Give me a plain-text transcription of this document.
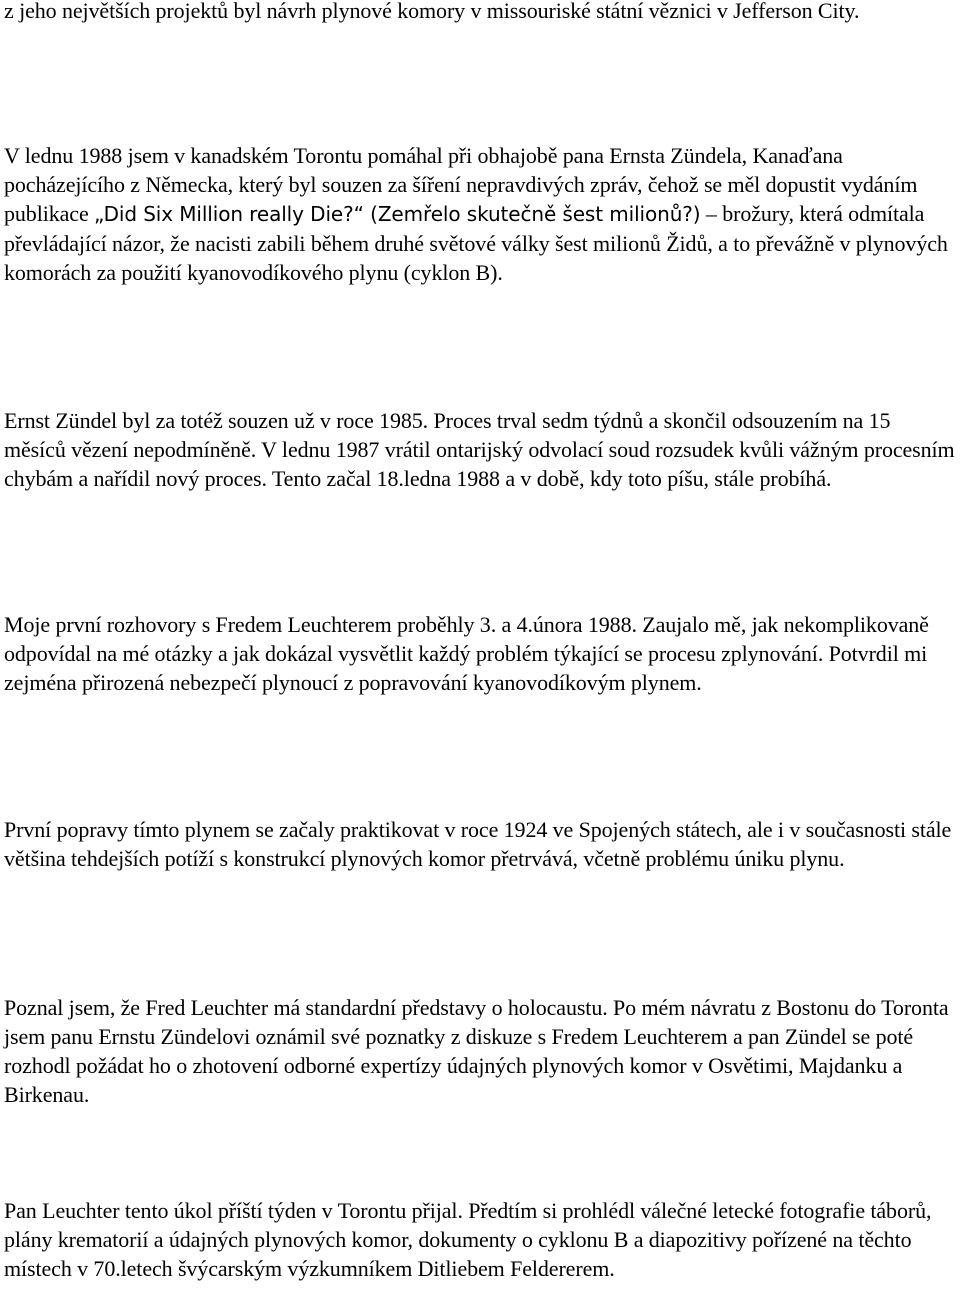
z jeho největších projektů byl návrh plynové komory v missouriské státní věznici v Jefferson City.

V lednu 1988 jsem v kanadském Torontu pomáhal při obhajobě pana Ernsta Zündela, Kanaďana pocházejícího z Německa, který byl souzen za šíření nepravdivých zpráv, čehož se měl dopustit vydáním publikace „Did Six Million really Die?“ (Zemřelo skutečně šest milionů?) – brožury, která odmítala převládající názor, že nacisti zabili během druhé světové války šest milionů Židů, a to převážně v plynových komorách za použití kyanovodíkového plynu (cyklon B).

Ernst Zündel byl za totéž souzen už v roce 1985. Proces trval sedm týdnů a skončil odsouzením na 15 měsíců vězení nepodmíněně. V lednu 1987 vrátil ontarijský odvolací soud rozsudek kvůli vážným procesním chybám a nařídil nový proces. Tento začal 18.ledna 1988 a v době, kdy toto píšu, stále probíhá.

Moje první rozhovory s Fredem Leuchterem proběhly 3. a 4.února 1988. Zaujalo mě, jak nekomplikovaně odpovídal na mé otázky a jak dokázal vysvětlit každý problém týkající se procesu zplynování. Potvrdil mi zejména přirozená nebezpečí plynoucí z popravování kyanovodíkovým plynem.

První popravy tímto plynem se začaly praktikovat v roce 1924 ve Spojených státech, ale i v současnosti stále většina tehdejších potíží s konstrukcí plynových komor přetrvává, včetně problému úniku plynu.

Poznal jsem, že Fred Leuchter má standardní představy o holocaustu. Po mém návratu z Bostonu do Toronta jsem panu Ernstu Zündelovi oznámil své poznatky z diskuze s Fredem Leuchterem a pan Zündel se poté rozhodl požádat ho o zhotovení odborné expertízy údajných plynových komor v Osvětimi, Majdanku a Birkenau.

Pan Leuchter tento úkol příští týden v Torontu přijal. Předtím si prohlédl válečné letecké fotografie táborů, plány krematorií a údajných plynových komor, dokumenty o cyklonu B a diapozitivy pořízené na těchto místech v 70.letech švýcarským výzkumníkem Ditliebem Feldererem.
